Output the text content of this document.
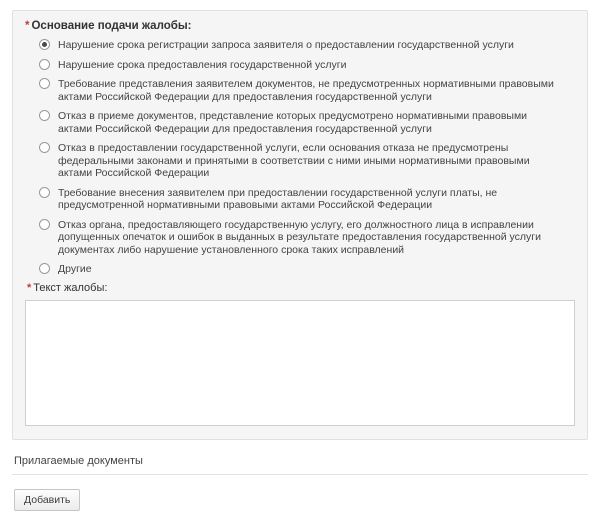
* Основание подачи жалобы:
Нарушение срока регистрации запроса заявителя о предоставлении государственной услуги
Нарушение срока предоставления государственной услуги
Требование представления заявителем документов, не предусмотренных нормативными правовыми актами Российской Федерации для предоставления государственной услуги
Отказ в приеме документов, представление которых предусмотрено нормативными правовыми актами Российской Федерации для предоставления государственной услуги
Отказ в предоставлении государственной услуги, если основания отказа не предусмотрены федеральными законами и принятыми в соответствии с ними иными нормативными правовыми актами Российской Федерации
Требование внесения заявителем при предоставлении государственной услуги платы, не предусмотренной нормативными правовыми актами Российской Федерации
Отказ органа, предоставляющего государственную услугу, его должностного лица в исправлении допущенных опечаток и ошибок в выданных в результате предоставления государственной услуги документах либо нарушение установленного срока таких исправлений
Другие
* Текст жалобы:
Прилагаемые документы
Добавить
